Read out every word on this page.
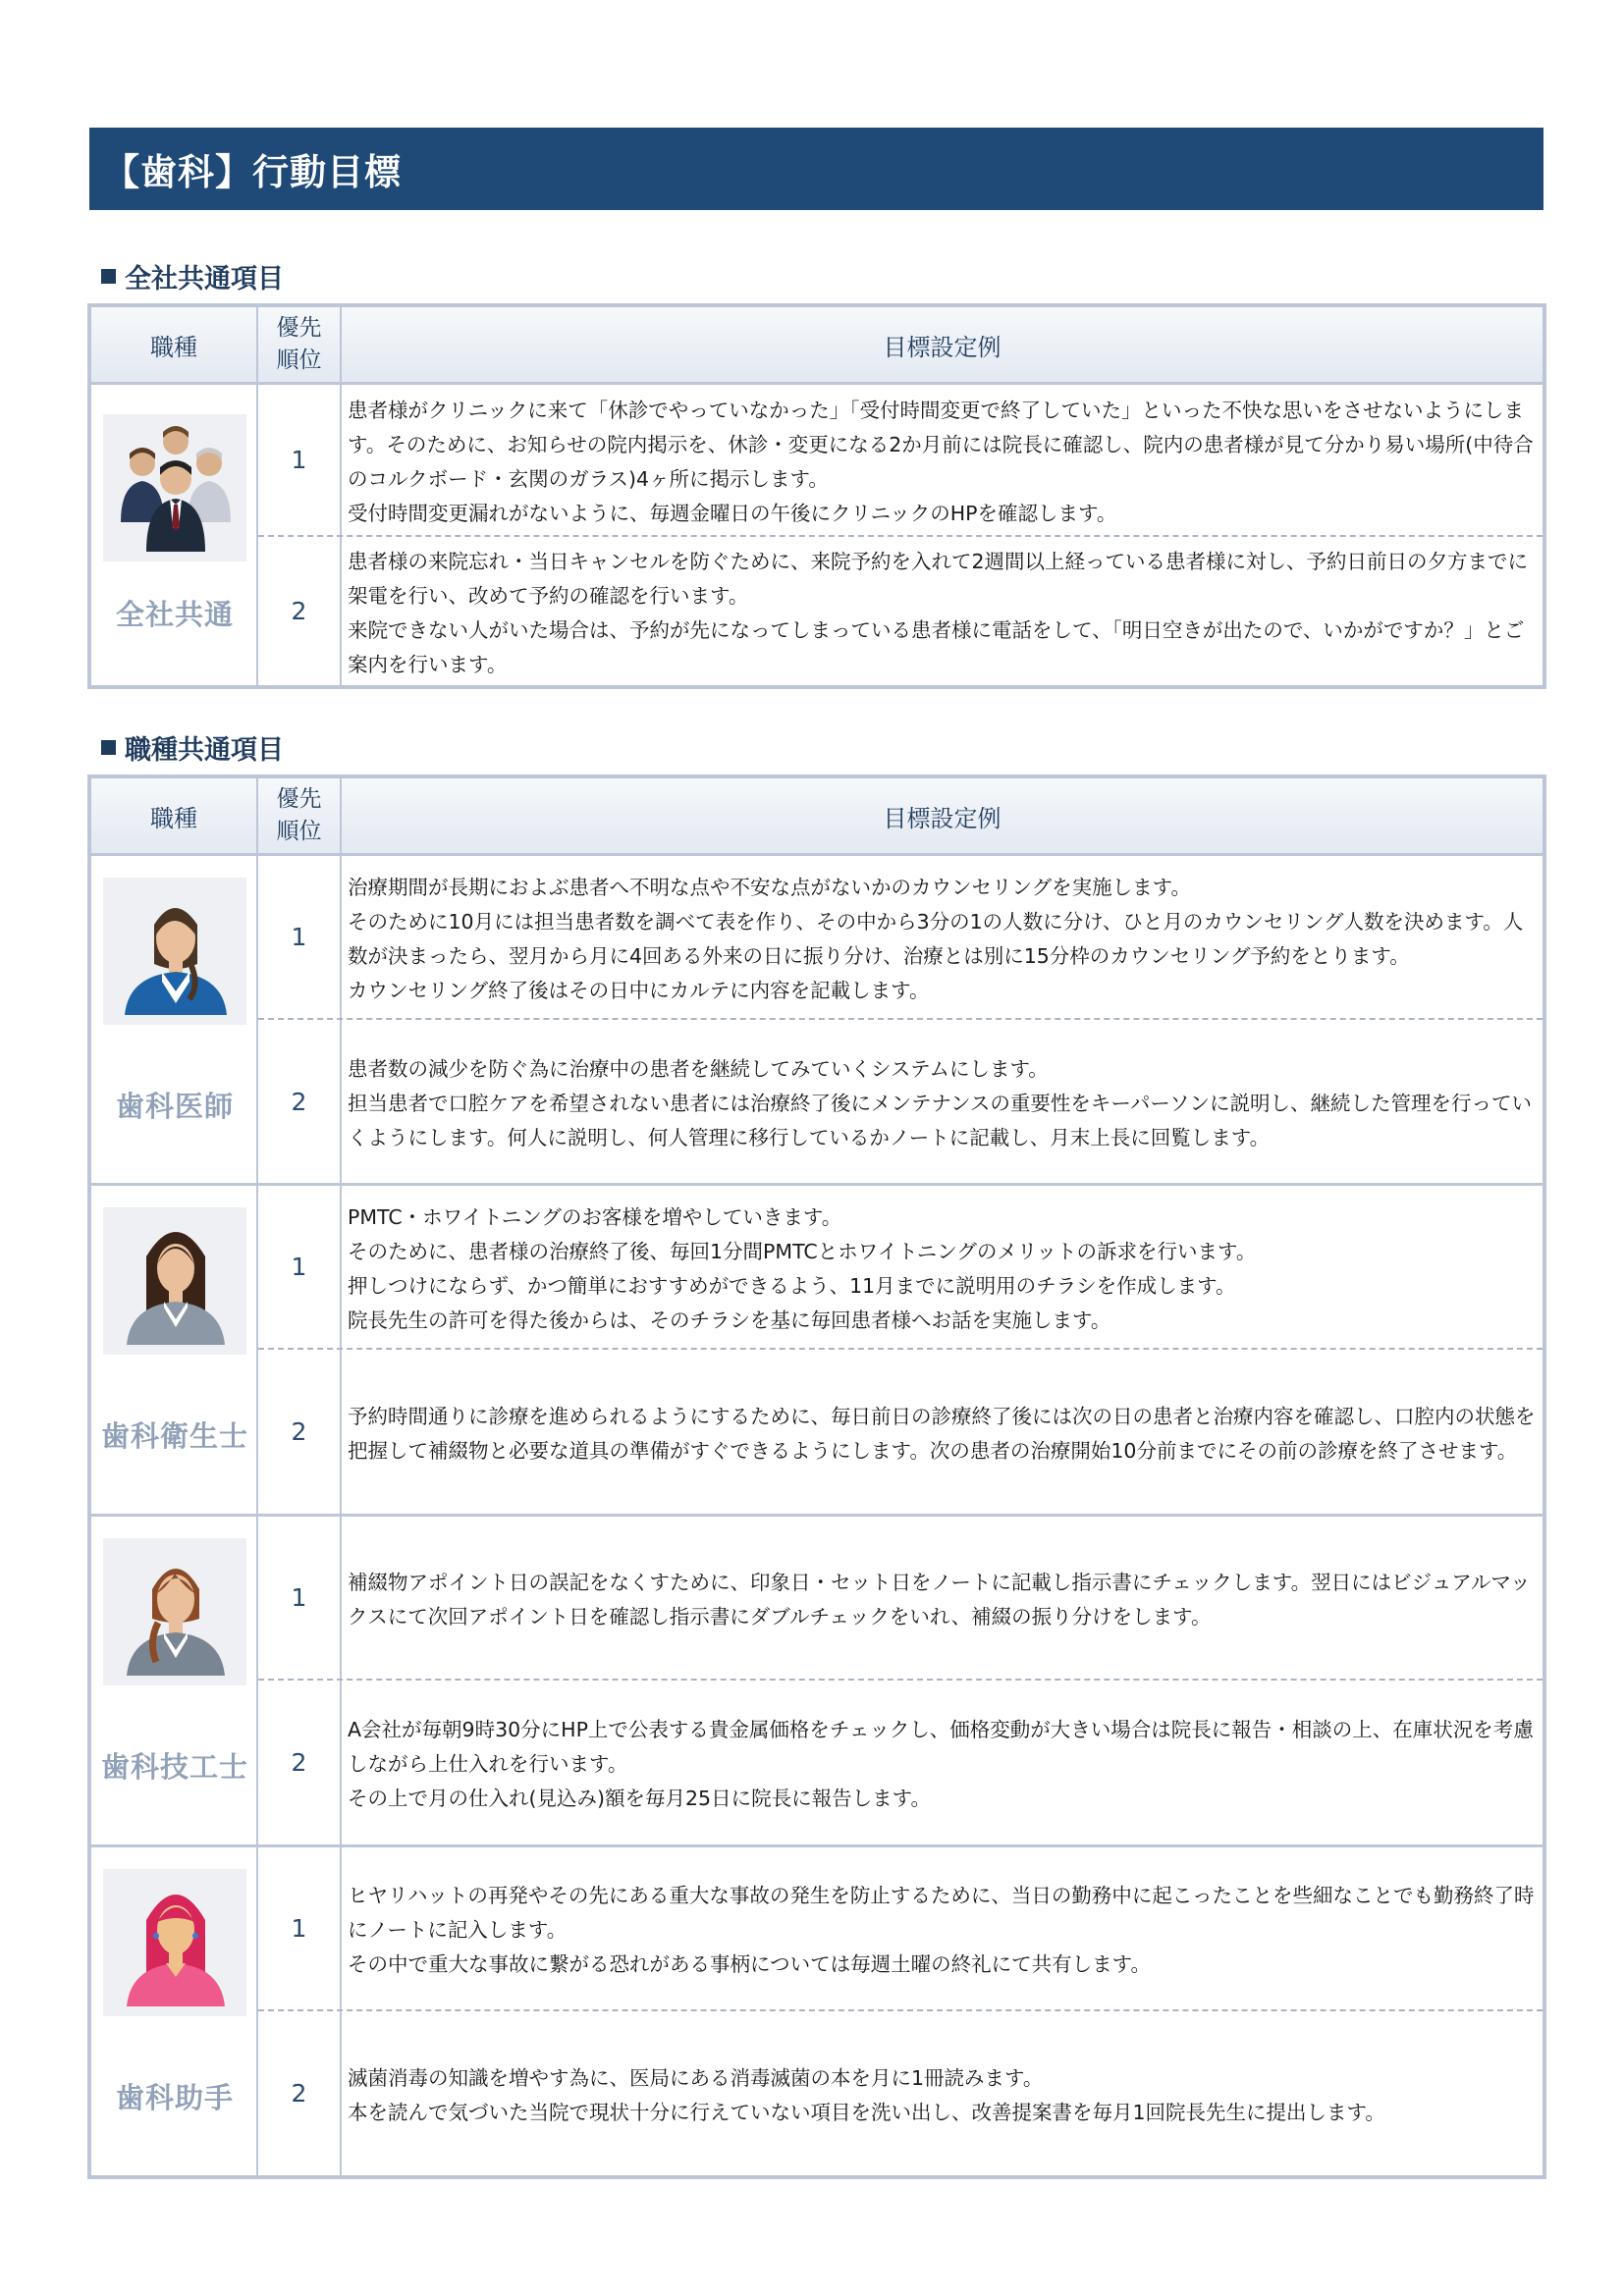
【歯科】行動目標
全社共通項目
職種
優先
順位	目標設定例
全社共通
1
患者様がクリニックに来て「休診でやっていなかった」「受付時間変更で終了していた」といった不快な思いをさせないようにします。そのために、お知らせの院内掲示を、休診・変更になる2か月前には院長に確認し、院内の患者様が見て分かり易い場所(中待合のコルクボード・玄関のガラス)4ヶ所に掲示します。
受付時間変更漏れがないように、毎週金曜日の午後にクリニックのHPを確認します。
2
患者様の来院忘れ・当日キャンセルを防ぐために、来院予約を入れて2週間以上経っている患者様に対し、予約日前日の夕方までに架電を行い、改めて予約の確認を行います。
来院できない人がいた場合は、予約が先になってしまっている患者様に電話をして、「明日空きが出たので、いかがですか？」とご案内を行います。
職種共通項目
職種
優先
順位	目標設定例
歯科医師
1
治療期間が長期におよぶ患者へ不明な点や不安な点がないかのカウンセリングを実施します。
そのために10月には担当患者数を調べて表を作り、その中から3分の1の人数に分け、ひと月のカウンセリング人数を決めます。人数が決まったら、翌月から月に4回ある外来の日に振り分け、治療とは別に15分枠のカウンセリング予約をとります。
カウンセリング終了後はその日中にカルテに内容を記載します。
2
患者数の減少を防ぐ為に治療中の患者を継続してみていくシステムにします。
担当患者で口腔ケアを希望されない患者には治療終了後にメンテナンスの重要性をキーパーソンに説明し、継続した管理を行っていくようにします。何人に説明し、何人管理に移行しているかノートに記載し、月末上長に回覧します。
歯科衛生士
1
PMTC・ホワイトニングのお客様を増やしていきます。
そのために、患者様の治療終了後、毎回1分間PMTCとホワイトニングのメリットの訴求を行います。
押しつけにならず、かつ簡単におすすめができるよう、11月までに説明用のチラシを作成します。
院長先生の許可を得た後からは、そのチラシを基に毎回患者様へお話を実施します。
2
予約時間通りに診療を進められるようにするために、毎日前日の診療終了後には次の日の患者と治療内容を確認し、口腔内の状態を把握して補綴物と必要な道具の準備がすぐできるようにします。次の患者の治療開始10分前までにその前の診療を終了させます。
歯科技工士
1
補綴物アポイント日の誤記をなくすために、印象日・セット日をノートに記載し指示書にチェックします。翌日にはビジュアルマックスにて次回アポイント日を確認し指示書にダブルチェックをいれ、補綴の振り分けをします。
2
A会社が毎朝9時30分にHP上で公表する貴金属価格をチェックし、価格変動が大きい場合は院長に報告・相談の上、在庫状況を考慮しながら上仕入れを行います。
その上で月の仕入れ(見込み)額を毎月25日に院長に報告します。
歯科助手
1
ヒヤリハットの再発やその先にある重大な事故の発生を防止するために、当日の勤務中に起こったことを些細なことでも勤務終了時にノートに記入します。
その中で重大な事故に繋がる恐れがある事柄については毎週土曜の終礼にて共有します。
2
滅菌消毒の知識を増やす為に、医局にある消毒滅菌の本を月に1冊読みます。
本を読んで気づいた当院で現状十分に行えていない項目を洗い出し、改善提案書を毎月1回院長先生に提出します。
